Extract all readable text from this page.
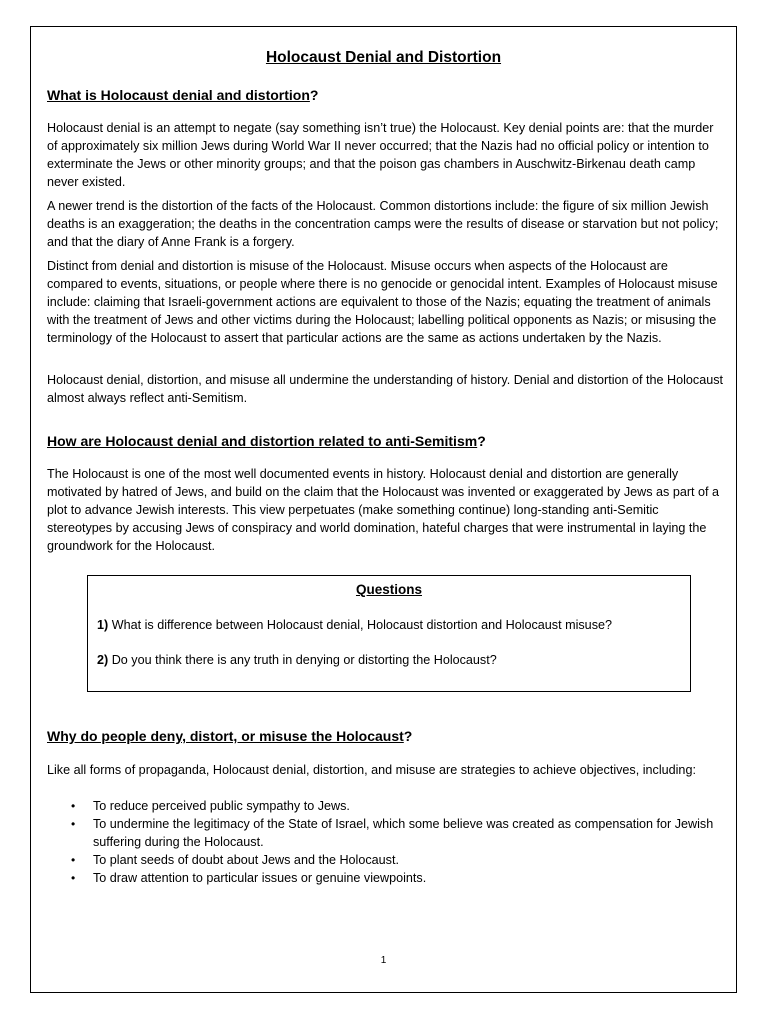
Holocaust Denial and Distortion
What is Holocaust denial and distortion?

Holocaust denial is an attempt to negate (say something isn’t true) the Holocaust. Key denial points are: that the murder of approximately six million Jews during World War II never occurred; that the Nazis had no official policy or intention to exterminate the Jews or other minority groups; and that the poison gas chambers in Auschwitz-Birkenau death camp never existed.

A newer trend is the distortion of the facts of the Holocaust. Common distortions include: the figure of six million Jewish deaths is an exaggeration; the deaths in the concentration camps were the results of disease or starvation but not policy; and that the diary of Anne Frank is a forgery.

Distinct from denial and distortion is misuse of the Holocaust. Misuse occurs when aspects of the Holocaust are compared to events, situations, or people where there is no genocide or genocidal intent. Examples of Holocaust misuse include: claiming that Israeli-government actions are equivalent to those of the Nazis; equating the treatment of animals with the treatment of Jews and other victims during the Holocaust; labelling political opponents as Nazis; or misusing the terminology of the Holocaust to assert that particular actions are the same as actions undertaken by the Nazis.

Holocaust denial, distortion, and misuse all undermine the understanding of history. Denial and distortion of the Holocaust almost always reflect anti-Semitism.

How are Holocaust denial and distortion related to anti-Semitism?

The Holocaust is one of the most well documented events in history. Holocaust denial and distortion are generally motivated by hatred of Jews, and build on the claim that the Holocaust was invented or exaggerated by Jews as part of a plot to advance Jewish interests. This view perpetuates (make something continue) long-standing anti-Semitic stereotypes by accusing Jews of conspiracy and world domination, hateful charges that were instrumental in laying the groundwork for the Holocaust.

Questions
1) What is difference between Holocaust denial, Holocaust distortion and Holocaust misuse?
2) Do you think there is any truth in denying or distorting the Holocaust?
Why do people deny, distort, or misuse the Holocaust?

Like all forms of propaganda, Holocaust denial, distortion, and misuse are strategies to achieve objectives, including:

• To reduce perceived public sympathy to Jews.
• To undermine the legitimacy of the State of Israel, which some believe was created as compensation for Jewish suffering during the Holocaust.
• To plant seeds of doubt about Jews and the Holocaust.
• To draw attention to particular issues or genuine viewpoints.
1
